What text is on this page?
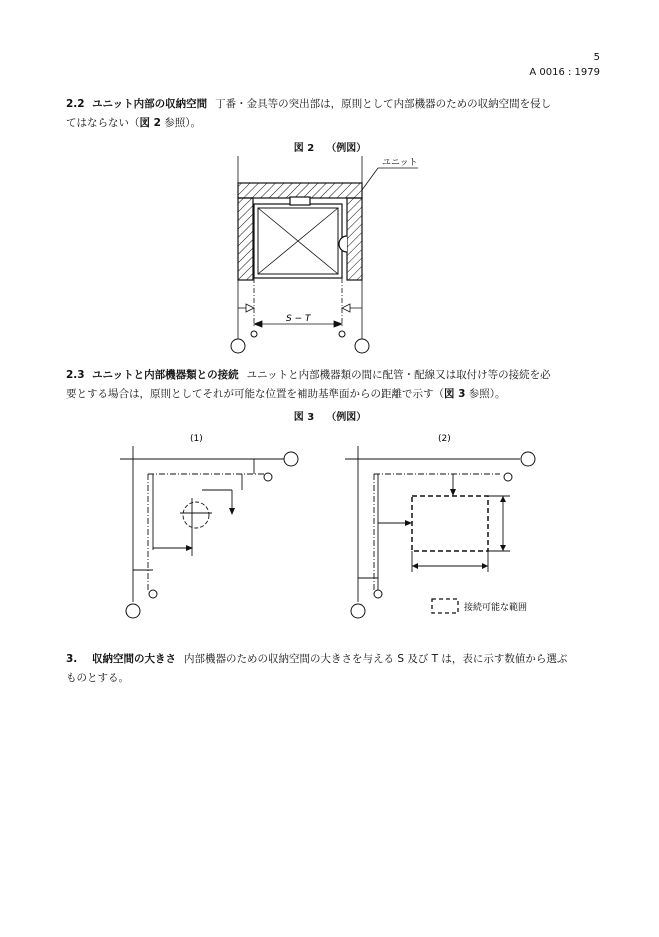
5
A 0016 : 1979
2.2 ユニット内部の収納空間 丁番・金具等の突出部は，原則として内部機器のための収納空間を侵し
てはならない（図 2 参照）。
図 2 （例図）
ユニット
S − T
2.3 ユニットと内部機器類との接続 ユニットと内部機器類の間に配管・配線又は取付け等の接続を必
要とする場合は，原則としてそれが可能な位置を補助基準面からの距離で示す（図 3 参照）。
図 3 （例図）
(1)	(2)
接続可能な範囲
3. 収納空間の大きさ 内部機器のための収納空間の大きさを与える S 及び T は，表に示す数値から選ぶ
ものとする。
